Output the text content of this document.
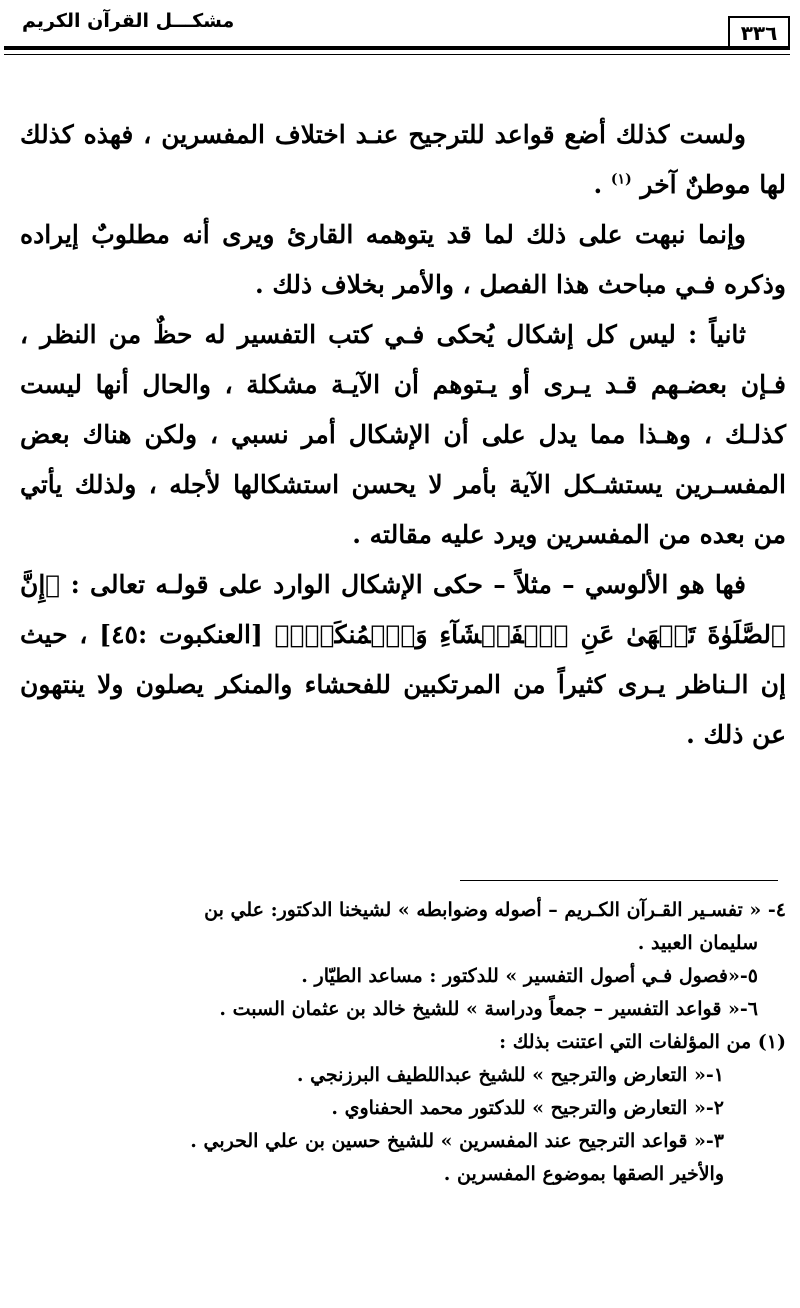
٣٣٦
مشكـــل القرآن الكريم

ولست كذلك أضع قواعد للترجيح عنـد اختلاف المفسرين ، فهذه كذلك لها موطنٌ آخر $^{(١)}$ .

وإنما نبهت على ذلك لما قد يتوهمه القارئ ويرى أنه مطلوبٌ إيراده وذكره فـي مباحث هذا الفصل ، والأمر بخلاف ذلك .

ثانياً : ليس كل إشكال يُحكى فـي كتب التفسير له حظٌ من النظر ، فـإن بعضـهم قـد يـرى أو يـتوهم أن الآيـة مشكلة ، والحال أنها ليست كذلـك ، وهـذا مما يدل على أن الإشكال أمر نسبي ، ولكن هناك بعض المفسـرين يستشـكل الآية بأمر لا يحسن استشكالها لأجله ، ولذلك يأتي من بعده من المفسرين ويرد عليه مقالته .

فها هو الألوسي – مثلاً – حكى الإشكال الوارد على قولـه تعالى : ﴿إِنَّ ٱلصَّلَوٰةَ تَنۡهَىٰ عَنِ ٱلۡفَحۡشَآءِ وَٱلۡمُنكَرِۗ﴾ [العنكبوت :٤٥] ، حيث إن الـناظر يـرى كثيراً من المرتكبين للفحشاء والمنكر يصلون ولا ينتهون عن ذلك .

٤- « تفسـير القـرآن الكـريم – أصوله وضوابطه » لشيخنا الدكتور: علي بن
سليمان العبيد .
٥-«فصول فـي أصول التفسير » للدكتور : مساعد الطيّار .
٦-« قواعد التفسير – جمعاً ودراسة » للشيخ خالد بن عثمان السبت .
(١) من المؤلفات التي اعتنت بذلك :
١-« التعارض والترجيح » للشيخ عبداللطيف البرزنجي .
٢-« التعارض والترجيح » للدكتور محمد الحفناوي .
٣-« قواعد الترجيح عند المفسرين » للشيخ حسين بن علي الحربي .
والأخير الصقها بموضوع المفسرين .
